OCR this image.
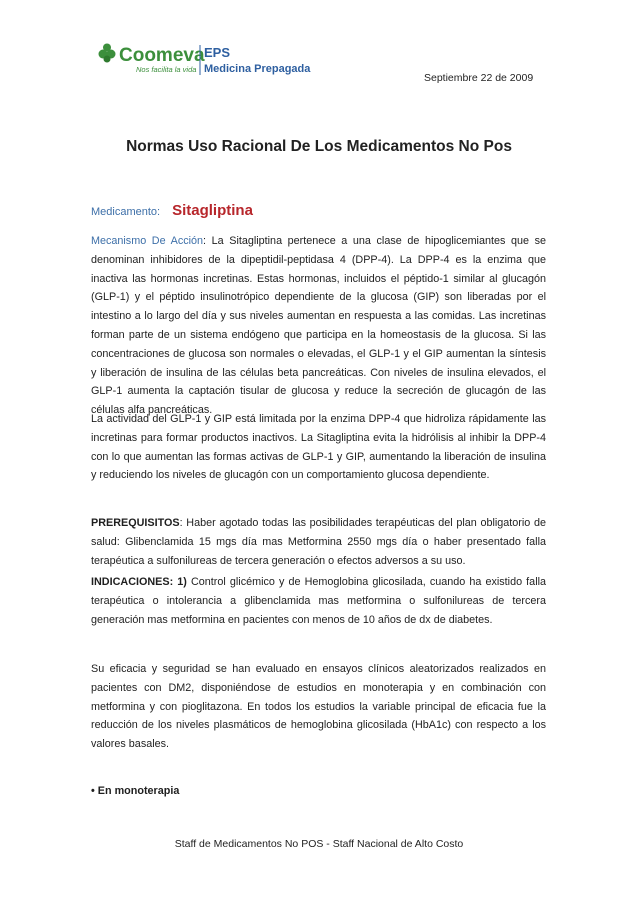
Coomeva
Nos facilita la vida
EPS
Medicina Prepagada
Septiembre 22 de 2009
Normas Uso Racional De Los Medicamentos No Pos
Medicamento: Sitagliptina
Mecanismo De Acción: La Sitagliptina pertenece a una clase de hipoglicemiantes que se denominan inhibidores de la dipeptidil-peptidasa 4 (DPP-4). La DPP-4 es la enzima que inactiva las hormonas incretinas. Estas hormonas, incluidos el péptido-1 similar al glucagón (GLP-1) y el péptido insulinotrópico dependiente de la glucosa (GIP) son liberadas por el intestino a lo largo del día y sus niveles aumentan en respuesta a las comidas. Las incretinas forman parte de un sistema endógeno que participa en la homeostasis de la glucosa. Si las concentraciones de glucosa son normales o elevadas, el GLP-1 y el GIP aumentan la síntesis y liberación de insulina de las células beta pancreáticas. Con niveles de insulina elevados, el GLP-1 aumenta la captación tisular de glucosa y reduce la secreción de glucagón de las células alfa pancreáticas.
La actividad del GLP-1 y GIP está limitada por la enzima DPP-4 que hidroliza rápidamente las incretinas para formar productos inactivos. La Sitagliptina evita la hidrólisis al inhibir la DPP-4 con lo que aumentan las formas activas de GLP-1 y GIP, aumentando la liberación de insulina y reduciendo los niveles de glucagón con un comportamiento glucosa dependiente.
PREREQUISITOS: Haber agotado todas las posibilidades terapéuticas del plan obligatorio de salud: Glibenclamida 15 mgs día mas Metformina 2550 mgs día o haber presentado falla terapéutica a sulfonilureas de tercera generación o efectos adversos a su uso.
INDICACIONES: 1) Control glicémico y de Hemoglobina glicosilada, cuando ha existido falla terapéutica o intolerancia a glibenclamida mas metformina o sulfonilureas de tercera generación mas metformina en pacientes con menos de 10 años de dx de diabetes.
Su eficacia y seguridad se han evaluado en ensayos clínicos aleatorizados realizados en pacientes con DM2, disponiéndose de estudios en monoterapia y en combinación con metformina y con pioglitazona. En todos los estudios la variable principal de eficacia fue la reducción de los niveles plasmáticos de hemoglobina glicosilada (HbA1c) con respecto a los valores basales.
• En monoterapia
Staff de Medicamentos No POS - Staff Nacional de Alto Costo
